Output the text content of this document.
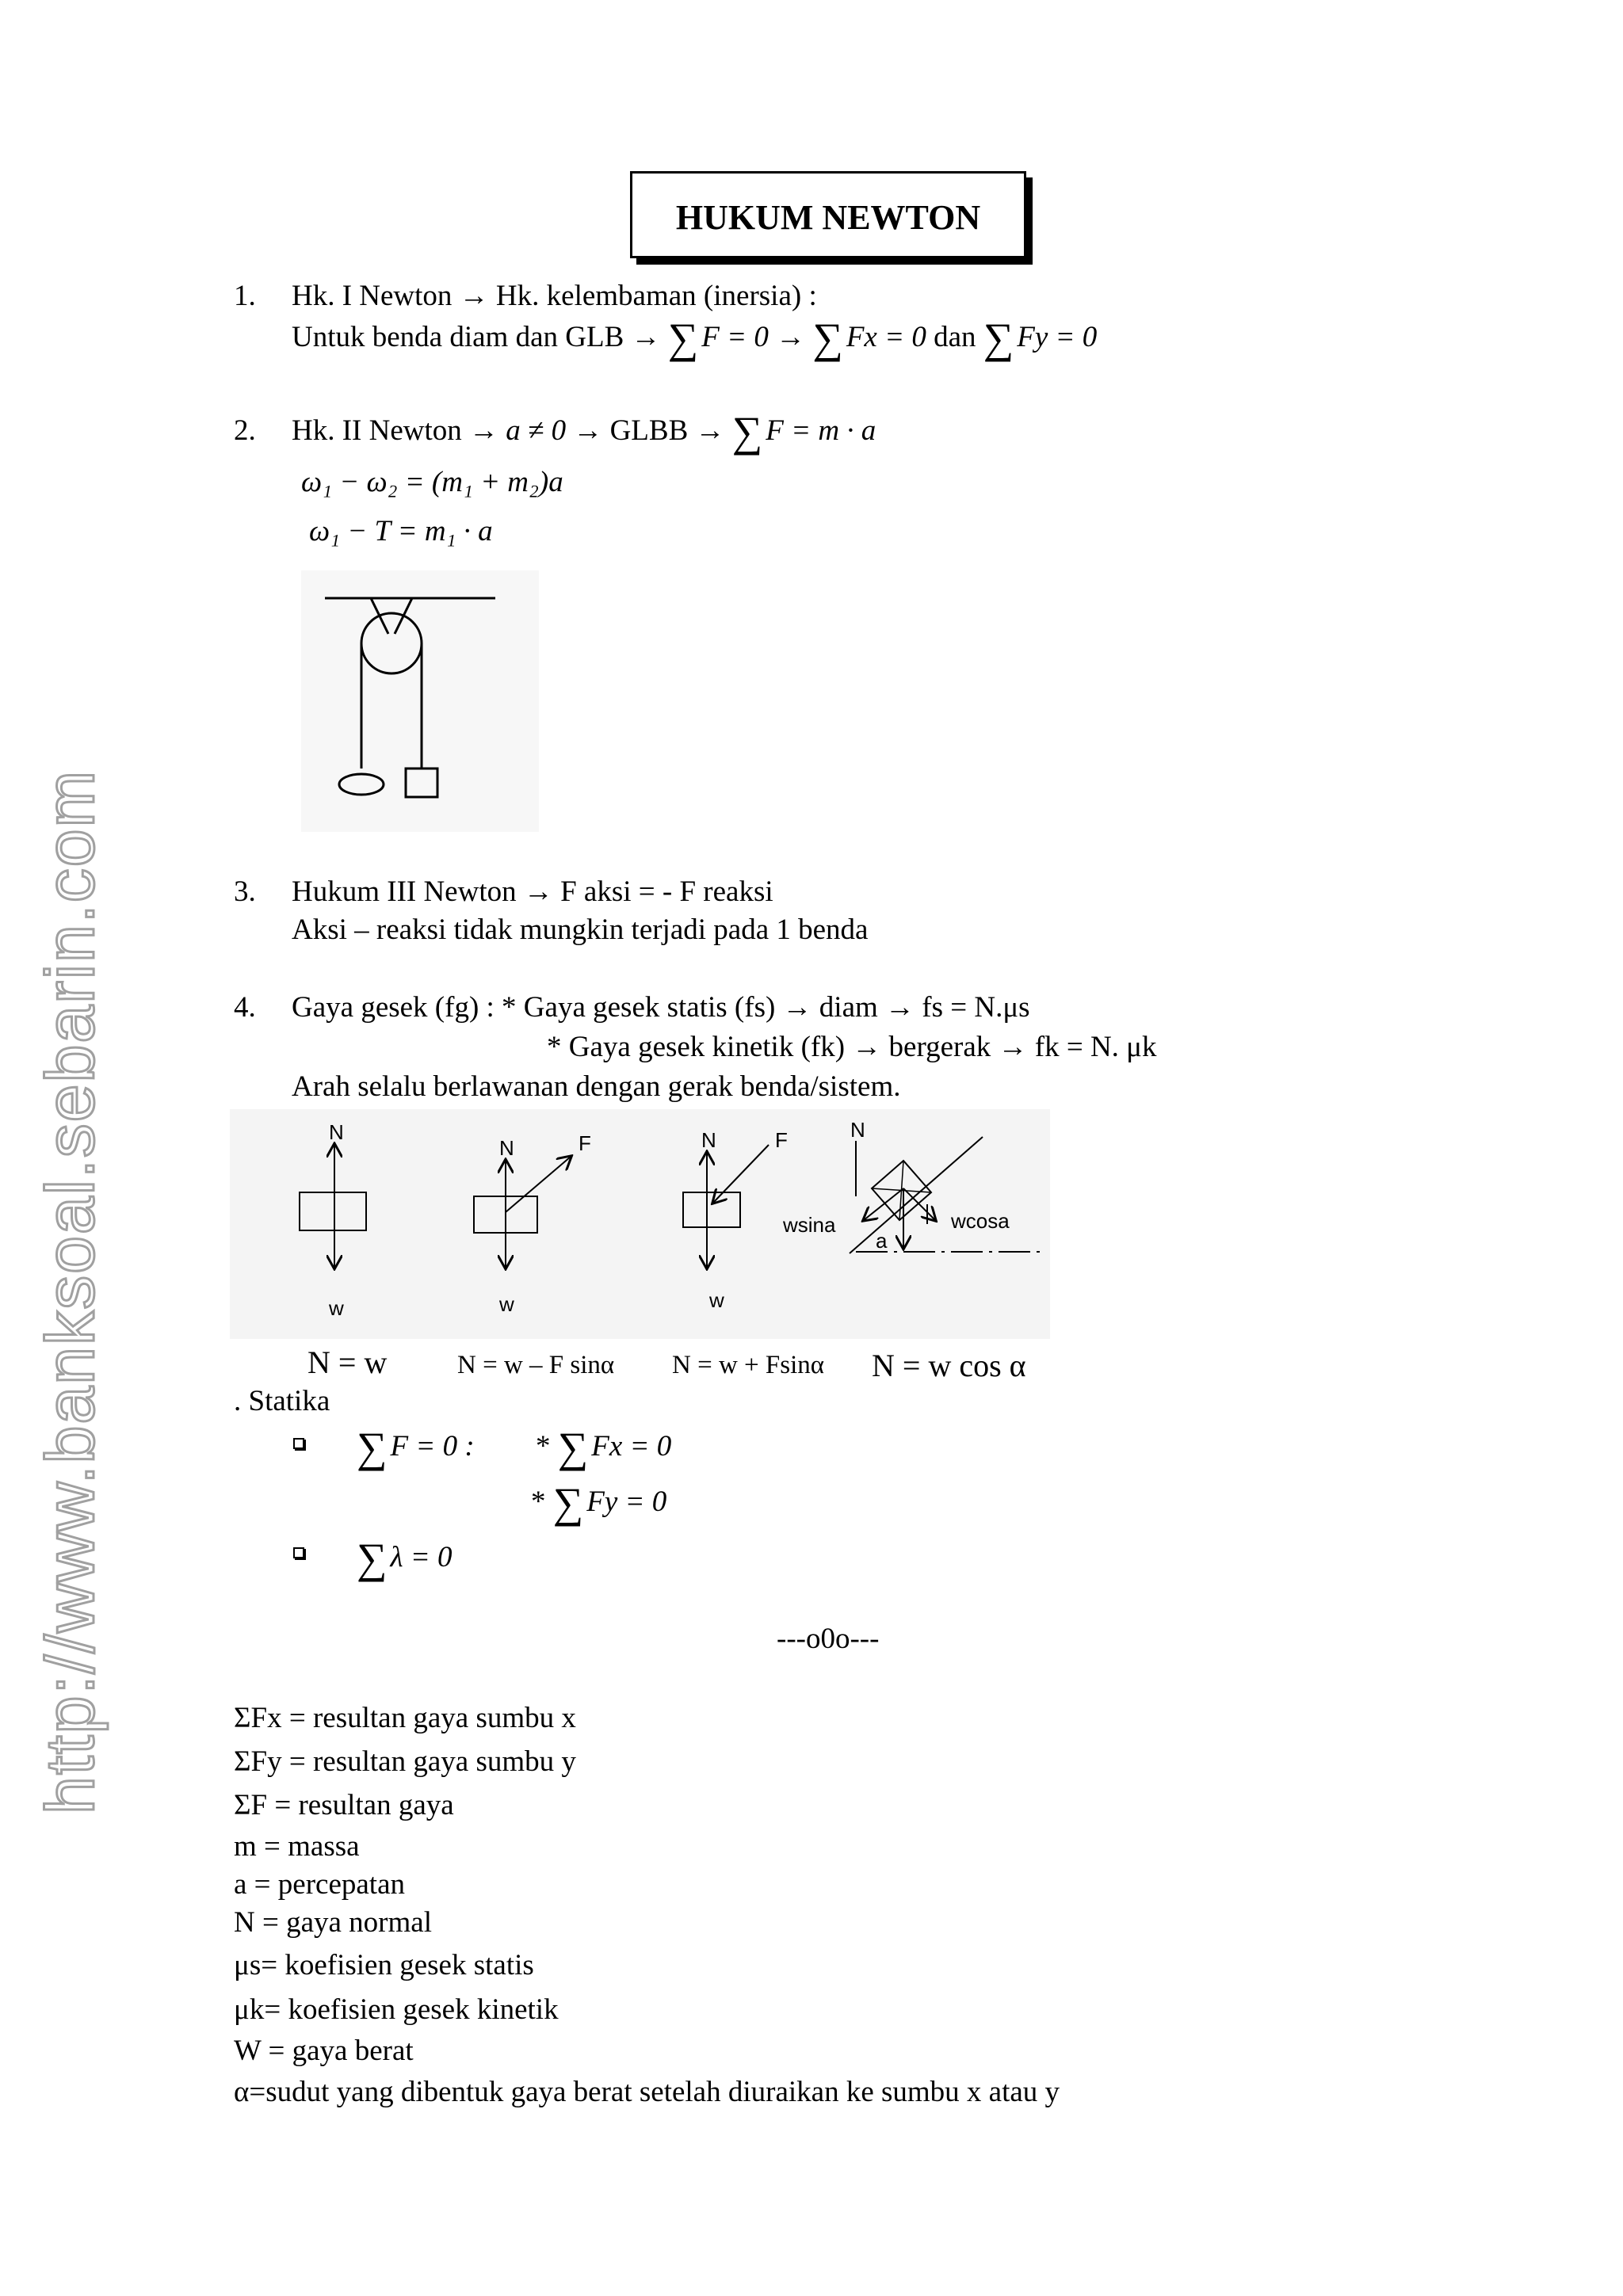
http://www.banksoal.sebarin.com
HUKUM NEWTON
1. Hk. I Newton → Hk. kelembaman (inersia) :
Untuk benda diam dan GLB → ∑ F = 0 → ∑ Fx = 0 dan ∑ Fy = 0
2. Hk. II Newton → a ≠ 0 → GLBB → ∑ F = m · a
ω₁ − ω₂ = (m₁ + m₂)a
ω₁ − T = m₁ · a
3. Hukum III Newton → F aksi = - F reaksi
Aksi – reaksi tidak mungkin terjadi pada 1 benda
4. Gaya gesek (fg) : * Gaya gesek statis (fs) → diam → fs = N.μs
* Gaya gesek kinetik (fk) → bergerak → fk = N. μk
Arah selalu berlawanan dengan gerak benda/sistem.
N
w
N	F
w
N	F
w
N
wsina	wcosa
a
N = w	N = w – F sinα N = w + Fsinα N = w cos α
. Statika
∑ F = 0 : * ∑ Fx = 0
* ∑ Fy = 0
∑ λ = 0
---o0o---
ΣFx = resultan gaya sumbu x
ΣFy = resultan gaya sumbu y
ΣF = resultan gaya
m = massa
a = percepatan
N = gaya normal
μs= koefisien gesek statis
μk= koefisien gesek kinetik
W = gaya berat
α=sudut yang dibentuk gaya berat setelah diuraikan ke sumbu x atau y
